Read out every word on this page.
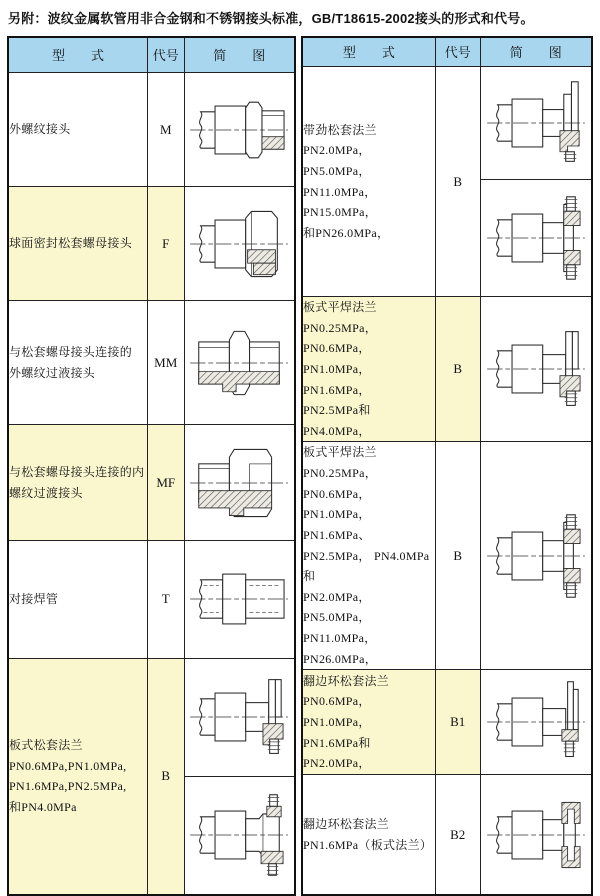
另附：波纹金属软管用非合金钢和不锈钢接头标准，GB/T18615-2002接头的形式和代号。
型　　式	代号	简　　图

外螺纹接头	M	

球面密封松套螺母接头	F	

与松套螺母接头连接的
外螺纹过液接头	MM	

与松套螺母接头连接的内
螺纹过渡接头	MF	

对接焊管	T	

板式松套法兰
PN0.6MPa,PN1.0MPa,
PN1.6MPa,PN2.5MPa,
和PN4.0MPa	B	

型　　式	代号	简　　图

带劲松套法兰
PN2.0MPa， PN5.0MPa，
PN11.0MPa， PN15.0MPa，
和PN26.0MPa，	B	

板式平焊法兰
PN0.25MPa， PN0.6MPa，
PN1.0MPa， PN1.6MPa，
PN2.5MPa和PN4.0MPa，	B	

板式平焊法兰
PN0.25MPa， PN0.6MPa，
PN1.0MPa， PN1.6MPa、
PN2.5MPa， PN4.0MPa和
PN2.0MPa， PN5.0MPa，
PN11.0MPa， PN26.0MPa，
	B	

翻边环松套法兰
PN0.6MPa， PN1.0MPa，
PN1.6MPa和PN2.0MPa，	B1	

翻边环松套法兰
PN1.6MPa（板式法兰）	B2	
